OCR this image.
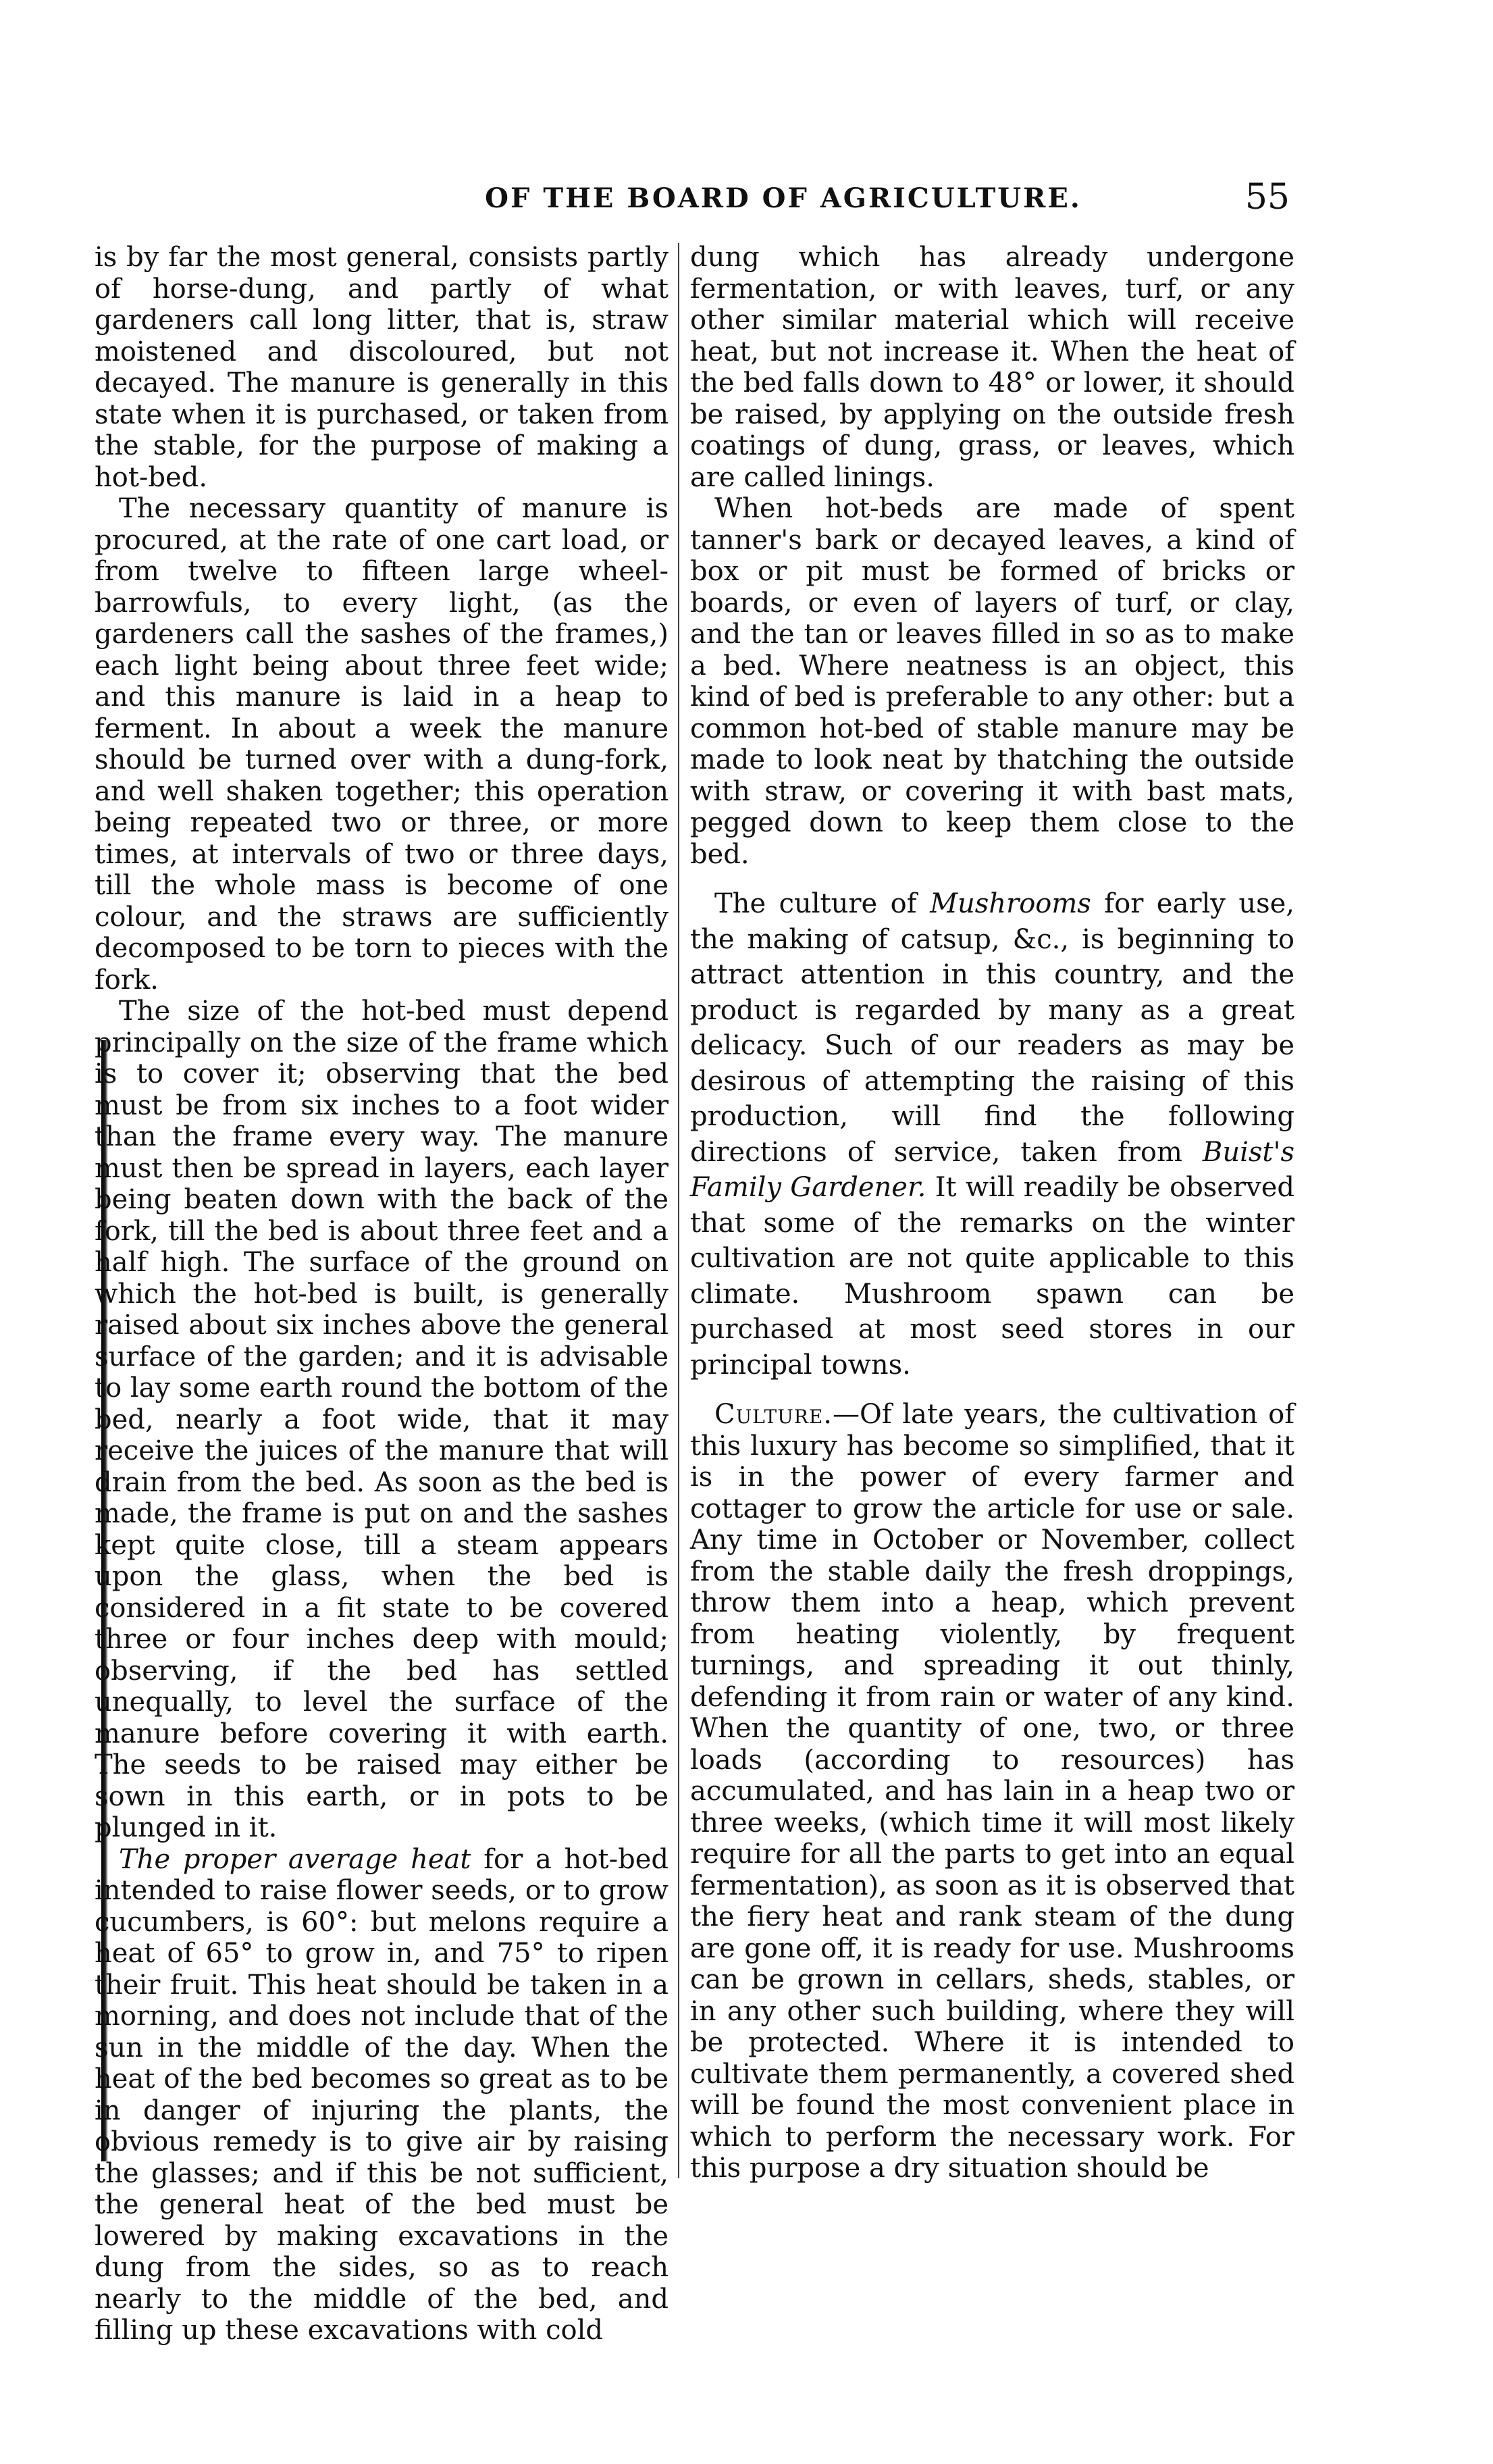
OF THE BOARD OF AGRICULTURE.	55

is by far the most general, consists partly of horse-dung, and partly of what gardeners call long litter, that is, straw moistened and discoloured, but not decayed. The manure is generally in this state when it is purchased, or taken from the stable, for the purpose of making a hot-bed.

The necessary quantity of manure is procured, at the rate of one cart load, or from twelve to fifteen large wheel-barrowfuls, to every light, (as the gardeners call the sashes of the frames,) each light being about three feet wide; and this manure is laid in a heap to ferment. In about a week the manure should be turned over with a dung-fork, and well shaken together; this operation being repeated two or three, or more times, at intervals of two or three days, till the whole mass is become of one colour, and the straws are sufficiently decomposed to be torn to pieces with the fork.

The size of the hot-bed must depend principally on the size of the frame which is to cover it; observing that the bed must be from six inches to a foot wider than the frame every way. The manure must then be spread in layers, each layer being beaten down with the back of the fork, till the bed is about three feet and a half high. The surface of the ground on which the hot-bed is built, is generally raised about six inches above the general surface of the garden; and it is advisable to lay some earth round the bottom of the bed, nearly a foot wide, that it may receive the juices of the manure that will drain from the bed. As soon as the bed is made, the frame is put on and the sashes kept quite close, till a steam appears upon the glass, when the bed is considered in a fit state to be covered three or four inches deep with mould; observing, if the bed has settled unequally, to level the surface of the manure before covering it with earth. The seeds to be raised may either be sown in this earth, or in pots to be plunged in it.

The proper average heat for a hot-bed intended to raise flower seeds, or to grow cucumbers, is 60°: but melons require a heat of 65° to grow in, and 75° to ripen their fruit. This heat should be taken in a morning, and does not include that of the sun in the middle of the day. When the heat of the bed becomes so great as to be in danger of injuring the plants, the obvious remedy is to give air by raising the glasses; and if this be not sufficient, the general heat of the bed must be lowered by making excavations in the dung from the sides, so as to reach nearly to the middle of the bed, and filling up these excavations with cold

dung which has already undergone fermentation, or with leaves, turf, or any other similar material which will receive heat, but not increase it. When the heat of the bed falls down to 48° or lower, it should be raised, by applying on the outside fresh coatings of dung, grass, or leaves, which are called linings.

When hot-beds are made of spent tanner's bark or decayed leaves, a kind of box or pit must be formed of bricks or boards, or even of layers of turf, or clay, and the tan or leaves filled in so as to make a bed. Where neatness is an object, this kind of bed is preferable to any other: but a common hot-bed of stable manure may be made to look neat by thatching the outside with straw, or covering it with bast mats, pegged down to keep them close to the bed.

The culture of Mushrooms for early use, the making of catsup, &c., is beginning to attract attention in this country, and the product is regarded by many as a great delicacy. Such of our readers as may be desirous of attempting the raising of this production, will find the following directions of service, taken from Buist's Family Gardener. It will readily be observed that some of the remarks on the winter cultivation are not quite applicable to this climate. Mushroom spawn can be purchased at most seed stores in our principal towns.

Culture.—Of late years, the cultivation of this luxury has become so simplified, that it is in the power of every farmer and cottager to grow the article for use or sale. Any time in October or November, collect from the stable daily the fresh droppings, throw them into a heap, which prevent from heating violently, by frequent turnings, and spreading it out thinly, defending it from rain or water of any kind. When the quantity of one, two, or three loads (according to resources) has accumulated, and has lain in a heap two or three weeks, (which time it will most likely require for all the parts to get into an equal fermentation), as soon as it is observed that the fiery heat and rank steam of the dung are gone off, it is ready for use. Mushrooms can be grown in cellars, sheds, stables, or in any other such building, where they will be protected. Where it is intended to cultivate them permanently, a covered shed will be found the most convenient place in which to perform the necessary work. For this purpose a dry situation should be
